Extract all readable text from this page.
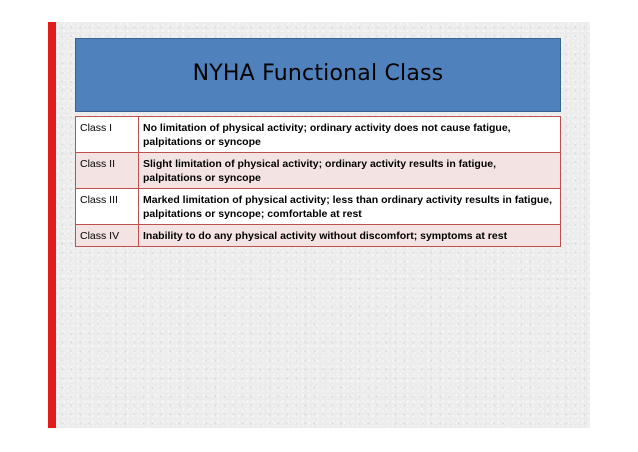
NYHA Functional Class
Class I	No limitation of physical activity; ordinary activity does not cause fatigue, palpitations or syncope
Class II	Slight limitation of physical activity; ordinary activity results in fatigue, palpitations or syncope
Class III	Marked limitation of physical activity; less than ordinary activity results in fatigue, palpitations or syncope; comfortable at rest
Class IV	Inability to do any physical activity without discomfort; symptoms at rest
